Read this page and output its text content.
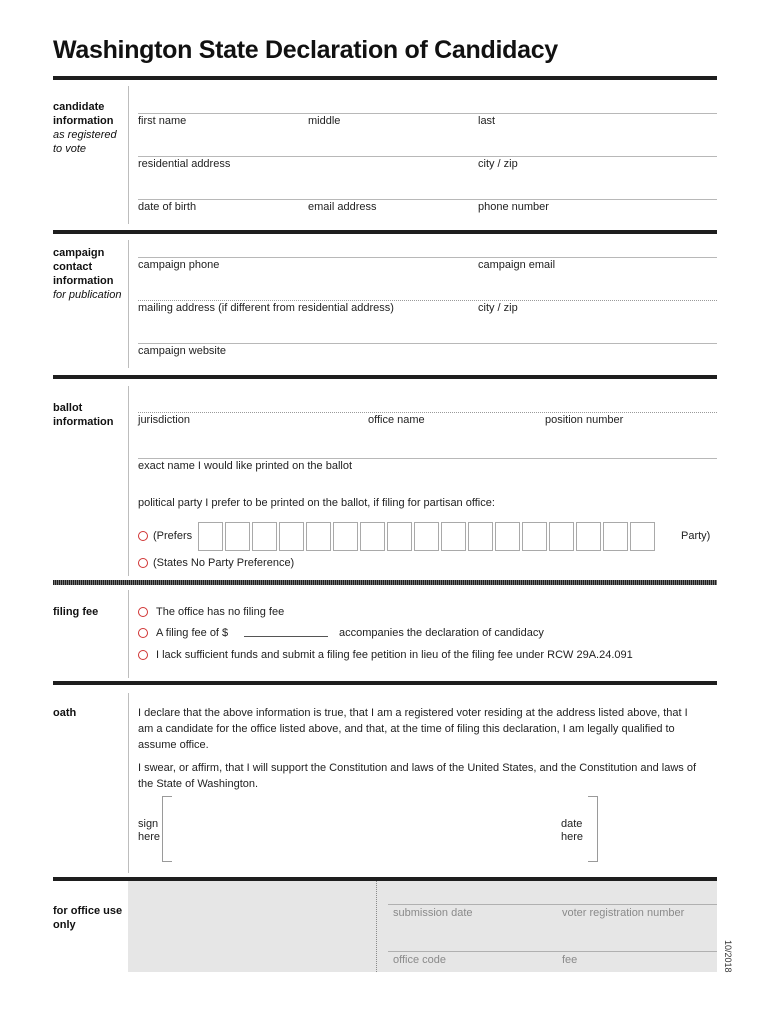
Washington State Declaration of Candidacy
candidate information
as registered to vote
first name	middle	last
residential address	city / zip
date of birth	email address	phone number
campaign contact information
for publication
campaign phone	campaign email
mailing address (if different from residential address)	city / zip
campaign website
ballot information	jurisdiction	office name	position number
exact name I would like printed on the ballot
political party I prefer to be printed on the ballot, if filing for partisan office:
(Prefers	Party)
(States No Party Preference)
filing fee	The office has no filing fee
A filing fee of $	accompanies the declaration of candidacy
I lack sufficient funds and submit a filing fee petition in lieu of the filing fee under RCW 29A.24.091
oath	I declare that the above information is true, that I am a registered voter residing at the address listed above, that I am a candidate for the office listed above, and that, at the time of filing this declaration, I am legally qualified to assume office.
I swear, or affirm, that I will support the Constitution and laws of the United States, and the Constitution and laws of the State of Washington.
sign
here
date
here
for office use only
submission date	voter registration number
office code	fee	10/2018
